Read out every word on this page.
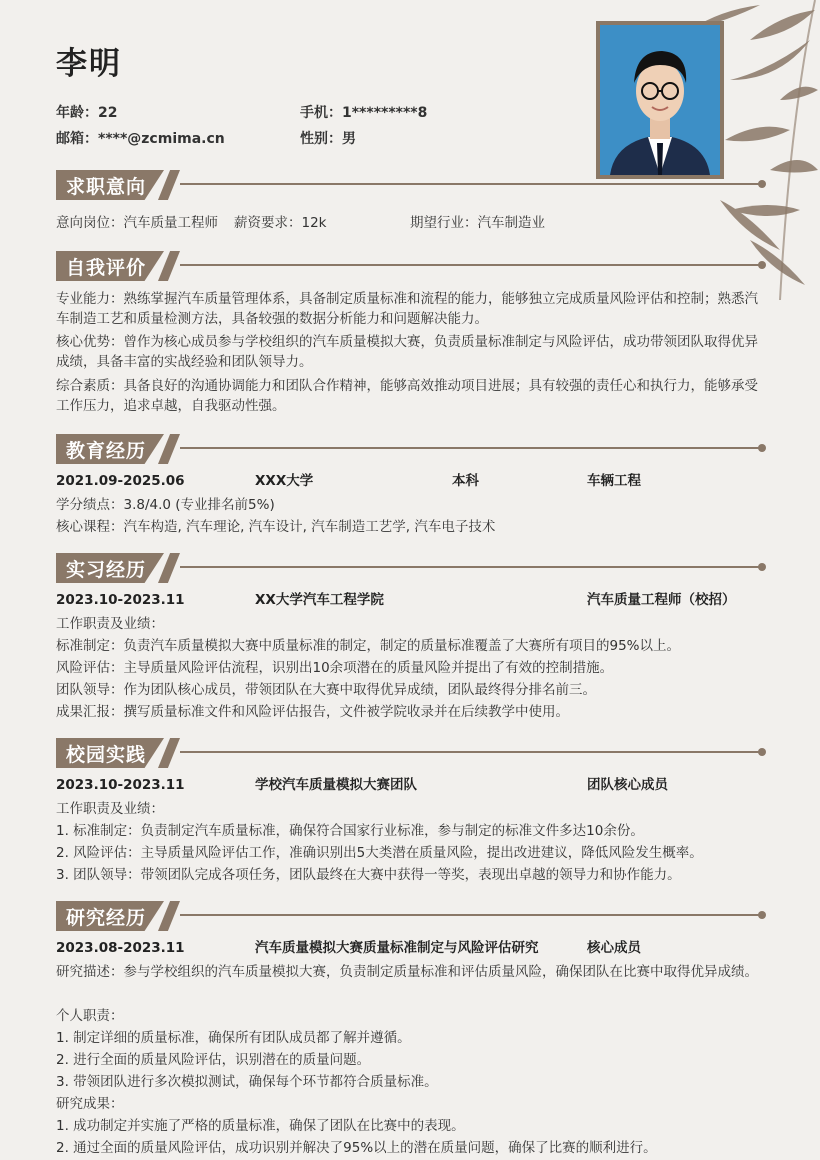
李明
年龄：22	手机：1*********8
邮箱：****@zcmima.cn	性别：男
求职意向
意向岗位：汽车质量工程师 薪资要求：12k	期望行业：汽车制造业
自我评价
专业能力：熟练掌握汽车质量管理体系，具备制定质量标准和流程的能力，能够独立完成质量风险评估和控制；熟悉汽车制造工艺和质量检测方法，具备较强的数据分析能力和问题解决能力。
核心优势：曾作为核心成员参与学校组织的汽车质量模拟大赛，负责质量标准制定与风险评估，成功带领团队取得优异成绩，具备丰富的实战经验和团队领导力。
综合素质：具备良好的沟通协调能力和团队合作精神，能够高效推动项目进展；具有较强的责任心和执行力，能够承受工作压力，追求卓越，自我驱动性强。
教育经历
2021.09-2025.06	XXX大学	本科	车辆工程
学分绩点：3.8/4.0 (专业排名前5%)
核心课程：汽车构造, 汽车理论, 汽车设计, 汽车制造工艺学, 汽车电子技术
实习经历
2023.10-2023.11	XX大学汽车工程学院	汽车质量工程师（校招）
工作职责及业绩：
标准制定：负责汽车质量模拟大赛中质量标准的制定，制定的质量标准覆盖了大赛所有项目的95%以上。
风险评估：主导质量风险评估流程，识别出10余项潜在的质量风险并提出了有效的控制措施。
团队领导：作为团队核心成员，带领团队在大赛中取得优异成绩，团队最终得分排名前三。
成果汇报：撰写质量标准文件和风险评估报告，文件被学院收录并在后续教学中使用。
校园实践
2023.10-2023.11	学校汽车质量模拟大赛团队	团队核心成员
工作职责及业绩：
1. 标准制定：负责制定汽车质量标准，确保符合国家行业标准，参与制定的标准文件多达10余份。
2. 风险评估：主导质量风险评估工作，准确识别出5大类潜在质量风险，提出改进建议，降低风险发生概率。
3. 团队领导：带领团队完成各项任务，团队最终在大赛中获得一等奖，表现出卓越的领导力和协作能力。
研究经历
2023.08-2023.11	汽车质量模拟大赛质量标准制定与风险评估研究	核心成员
研究描述：参与学校组织的汽车质量模拟大赛，负责制定质量标准和评估质量风险，确保团队在比赛中取得优异成绩。
个人职责：
1. 制定详细的质量标准，确保所有团队成员都了解并遵循。
2. 进行全面的质量风险评估，识别潜在的质量问题。
3. 带领团队进行多次模拟测试，确保每个环节都符合质量标准。
研究成果：
1. 成功制定并实施了严格的质量标准，确保了团队在比赛中的表现。
2. 通过全面的质量风险评估，成功识别并解决了95%以上的潜在质量问题，确保了比赛的顺利进行。
